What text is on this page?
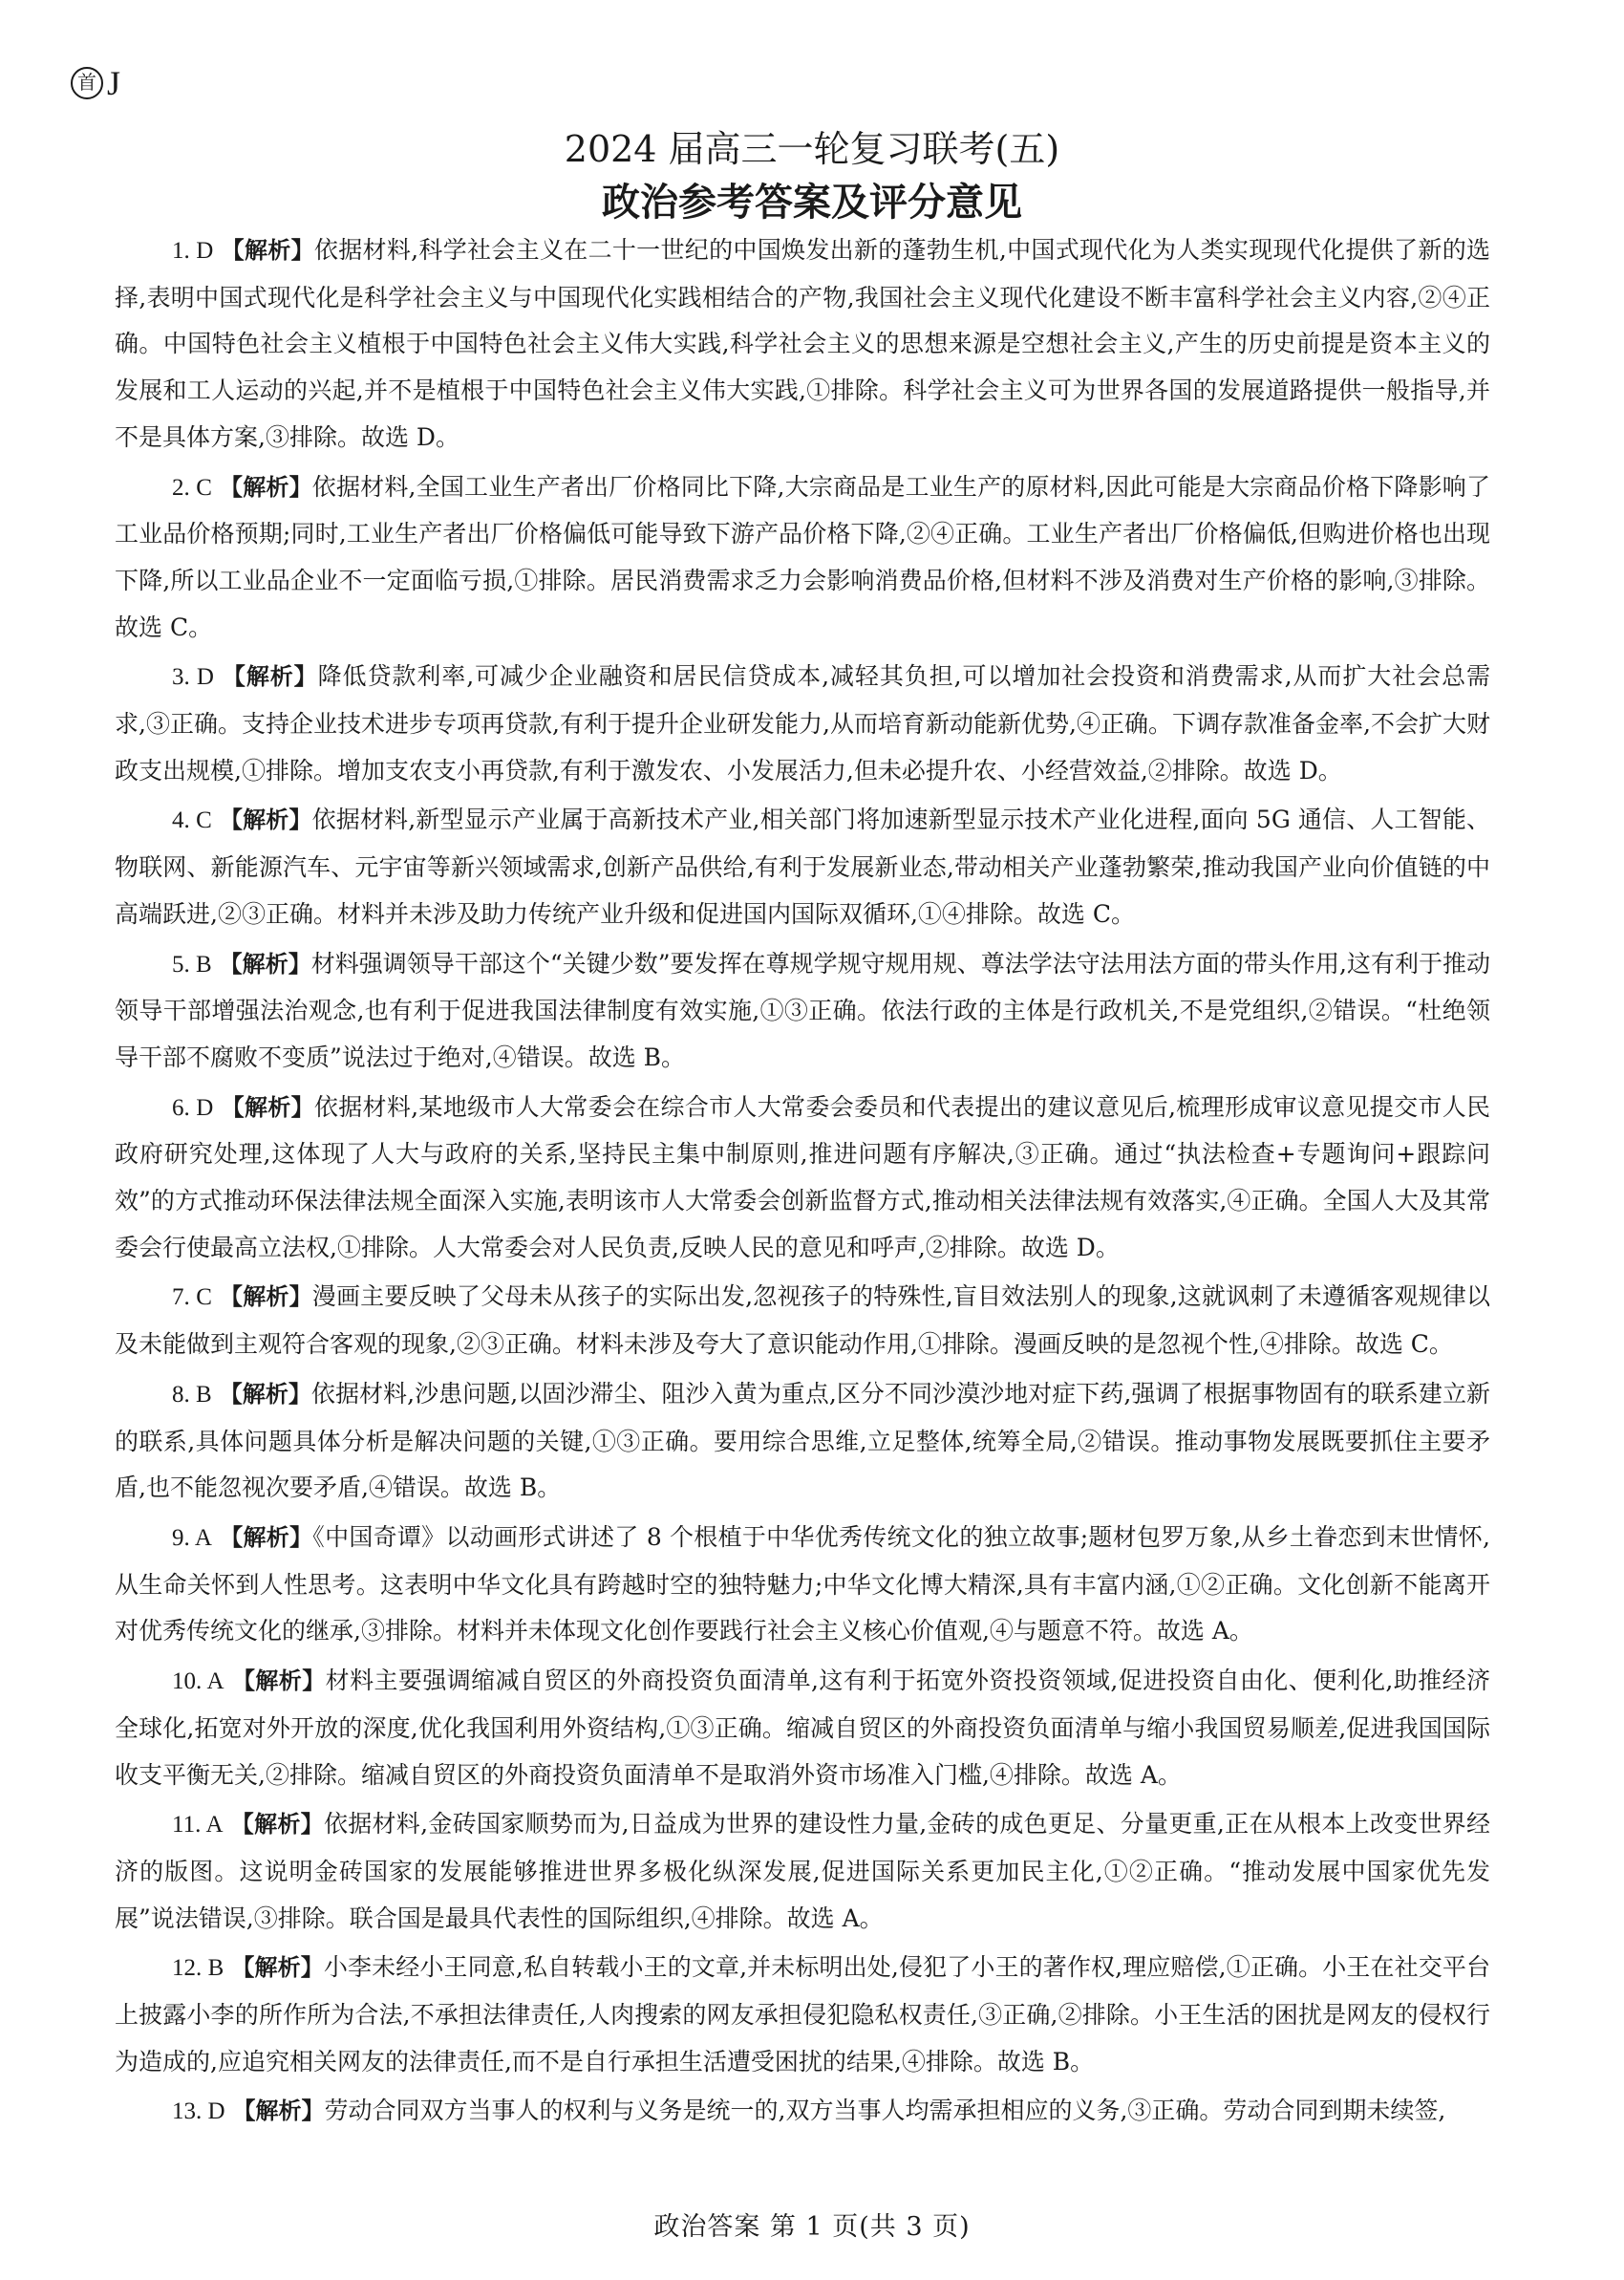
首 J
2024 届高三一轮复习联考(五)
政治参考答案及评分意见

1. D 【解析】依据材料,科学社会主义在二十一世纪的中国焕发出新的蓬勃生机,中国式现代化为人类实现现代化提供了新的选择,表明中国式现代化是科学社会主义与中国现代化实践相结合的产物,我国社会主义现代化建设不断丰富科学社会主义内容,②④正确。中国特色社会主义植根于中国特色社会主义伟大实践,科学社会主义的思想来源是空想社会主义,产生的历史前提是资本主义的发展和工人运动的兴起,并不是植根于中国特色社会主义伟大实践,①排除。科学社会主义可为世界各国的发展道路提供一般指导,并不是具体方案,③排除。故选 D。

2. C 【解析】依据材料,全国工业生产者出厂价格同比下降,大宗商品是工业生产的原材料,因此可能是大宗商品价格下降影响了工业品价格预期;同时,工业生产者出厂价格偏低可能导致下游产品价格下降,②④正确。工业生产者出厂价格偏低,但购进价格也出现下降,所以工业品企业不一定面临亏损,①排除。居民消费需求乏力会影响消费品价格,但材料不涉及消费对生产价格的影响,③排除。故选 C。

3. D 【解析】降低贷款利率,可减少企业融资和居民信贷成本,减轻其负担,可以增加社会投资和消费需求,从而扩大社会总需求,③正确。支持企业技术进步专项再贷款,有利于提升企业研发能力,从而培育新动能新优势,④正确。下调存款准备金率,不会扩大财政支出规模,①排除。增加支农支小再贷款,有利于激发农、小发展活力,但未必提升农、小经营效益,②排除。故选 D。

4. C 【解析】依据材料,新型显示产业属于高新技术产业,相关部门将加速新型显示技术产业化进程,面向 5G 通信、人工智能、物联网、新能源汽车、元宇宙等新兴领域需求,创新产品供给,有利于发展新业态,带动相关产业蓬勃繁荣,推动我国产业向价值链的中高端跃进,②③正确。材料并未涉及助力传统产业升级和促进国内国际双循环,①④排除。故选 C。

5. B 【解析】材料强调领导干部这个“关键少数”要发挥在尊规学规守规用规、尊法学法守法用法方面的带头作用,这有利于推动领导干部增强法治观念,也有利于促进我国法律制度有效实施,①③正确。依法行政的主体是行政机关,不是党组织,②错误。“杜绝领导干部不腐败不变质”说法过于绝对,④错误。故选 B。

6. D 【解析】依据材料,某地级市人大常委会在综合市人大常委会委员和代表提出的建议意见后,梳理形成审议意见提交市人民政府研究处理,这体现了人大与政府的关系,坚持民主集中制原则,推进问题有序解决,③正确。通过“执法检查+专题询问+跟踪问效”的方式推动环保法律法规全面深入实施,表明该市人大常委会创新监督方式,推动相关法律法规有效落实,④正确。全国人大及其常委会行使最高立法权,①排除。人大常委会对人民负责,反映人民的意见和呼声,②排除。故选 D。

7. C 【解析】漫画主要反映了父母未从孩子的实际出发,忽视孩子的特殊性,盲目效法别人的现象,这就讽刺了未遵循客观规律以及未能做到主观符合客观的现象,②③正确。材料未涉及夸大了意识能动作用,①排除。漫画反映的是忽视个性,④排除。故选 C。

8. B 【解析】依据材料,沙患问题,以固沙滞尘、阻沙入黄为重点,区分不同沙漠沙地对症下药,强调了根据事物固有的联系建立新的联系,具体问题具体分析是解决问题的关键,①③正确。要用综合思维,立足整体,统筹全局,②错误。推动事物发展既要抓住主要矛盾,也不能忽视次要矛盾,④错误。故选 B。

9. A 【解析】《中国奇谭》以动画形式讲述了 8 个根植于中华优秀传统文化的独立故事;题材包罗万象,从乡土眷恋到末世情怀,从生命关怀到人性思考。这表明中华文化具有跨越时空的独特魅力;中华文化博大精深,具有丰富内涵,①②正确。文化创新不能离开对优秀传统文化的继承,③排除。材料并未体现文化创作要践行社会主义核心价值观,④与题意不符。故选 A。

10. A 【解析】材料主要强调缩减自贸区的外商投资负面清单,这有利于拓宽外资投资领域,促进投资自由化、便利化,助推经济全球化,拓宽对外开放的深度,优化我国利用外资结构,①③正确。缩减自贸区的外商投资负面清单与缩小我国贸易顺差,促进我国国际收支平衡无关,②排除。缩减自贸区的外商投资负面清单不是取消外资市场准入门槛,④排除。故选 A。

11. A 【解析】依据材料,金砖国家顺势而为,日益成为世界的建设性力量,金砖的成色更足、分量更重,正在从根本上改变世界经济的版图。这说明金砖国家的发展能够推进世界多极化纵深发展,促进国际关系更加民主化,①②正确。“推动发展中国家优先发展”说法错误,③排除。联合国是最具代表性的国际组织,④排除。故选 A。

12. B 【解析】小李未经小王同意,私自转载小王的文章,并未标明出处,侵犯了小王的著作权,理应赔偿,①正确。小王在社交平台上披露小李的所作所为合法,不承担法律责任,人肉搜索的网友承担侵犯隐私权责任,③正确,②排除。小王生活的困扰是网友的侵权行为造成的,应追究相关网友的法律责任,而不是自行承担生活遭受困扰的结果,④排除。故选 B。

13. D 【解析】劳动合同双方当事人的权利与义务是统一的,双方当事人均需承担相应的义务,③正确。劳动合同到期未续签,

政治答案 第 1 页(共 3 页)
